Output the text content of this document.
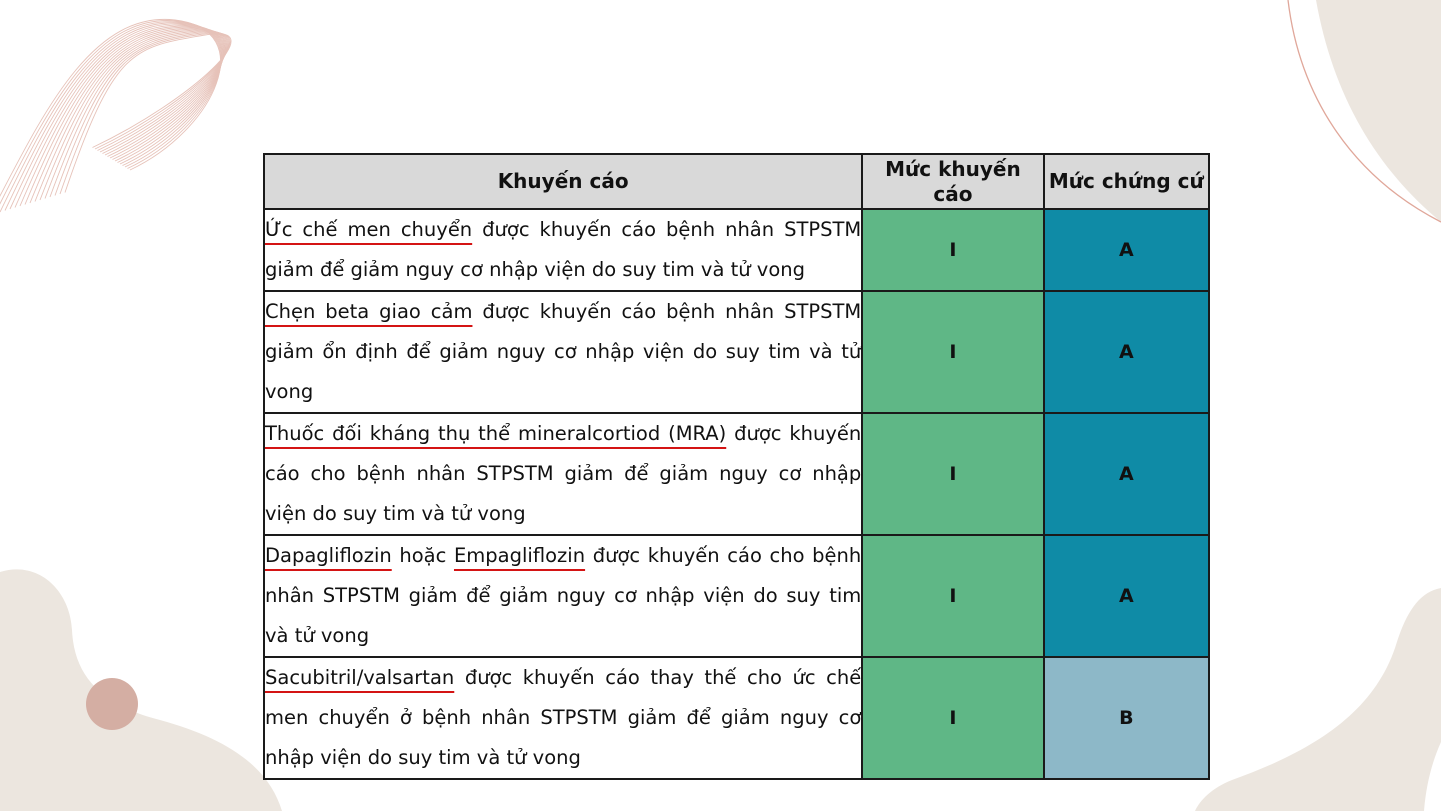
Khuyến cáo	Mức khuyến cáo	Mức chứng cứ
Ức chế men chuyển được khuyến cáo bệnh nhân STPSTM giảm để giảm nguy cơ nhập viện do suy tim và tử vong	I	A
Chẹn beta giao cảm được khuyến cáo bệnh nhân STPSTM giảm ổn định để giảm nguy cơ nhập viện do suy tim và tử vong	I	A
Thuốc đối kháng thụ thể mineralcortiod (MRA) được khuyến cáo cho bệnh nhân STPSTM giảm để giảm nguy cơ nhập viện do suy tim và tử vong	I	A
Dapagliflozin hoặc Empagliflozin được khuyến cáo cho bệnh nhân STPSTM giảm để giảm nguy cơ nhập viện do suy tim và tử vong	I	A
Sacubitril/valsartan được khuyến cáo thay thế cho ức chế men chuyển ở bệnh nhân STPSTM giảm để giảm nguy cơ nhập viện do suy tim và tử vong	I	B
